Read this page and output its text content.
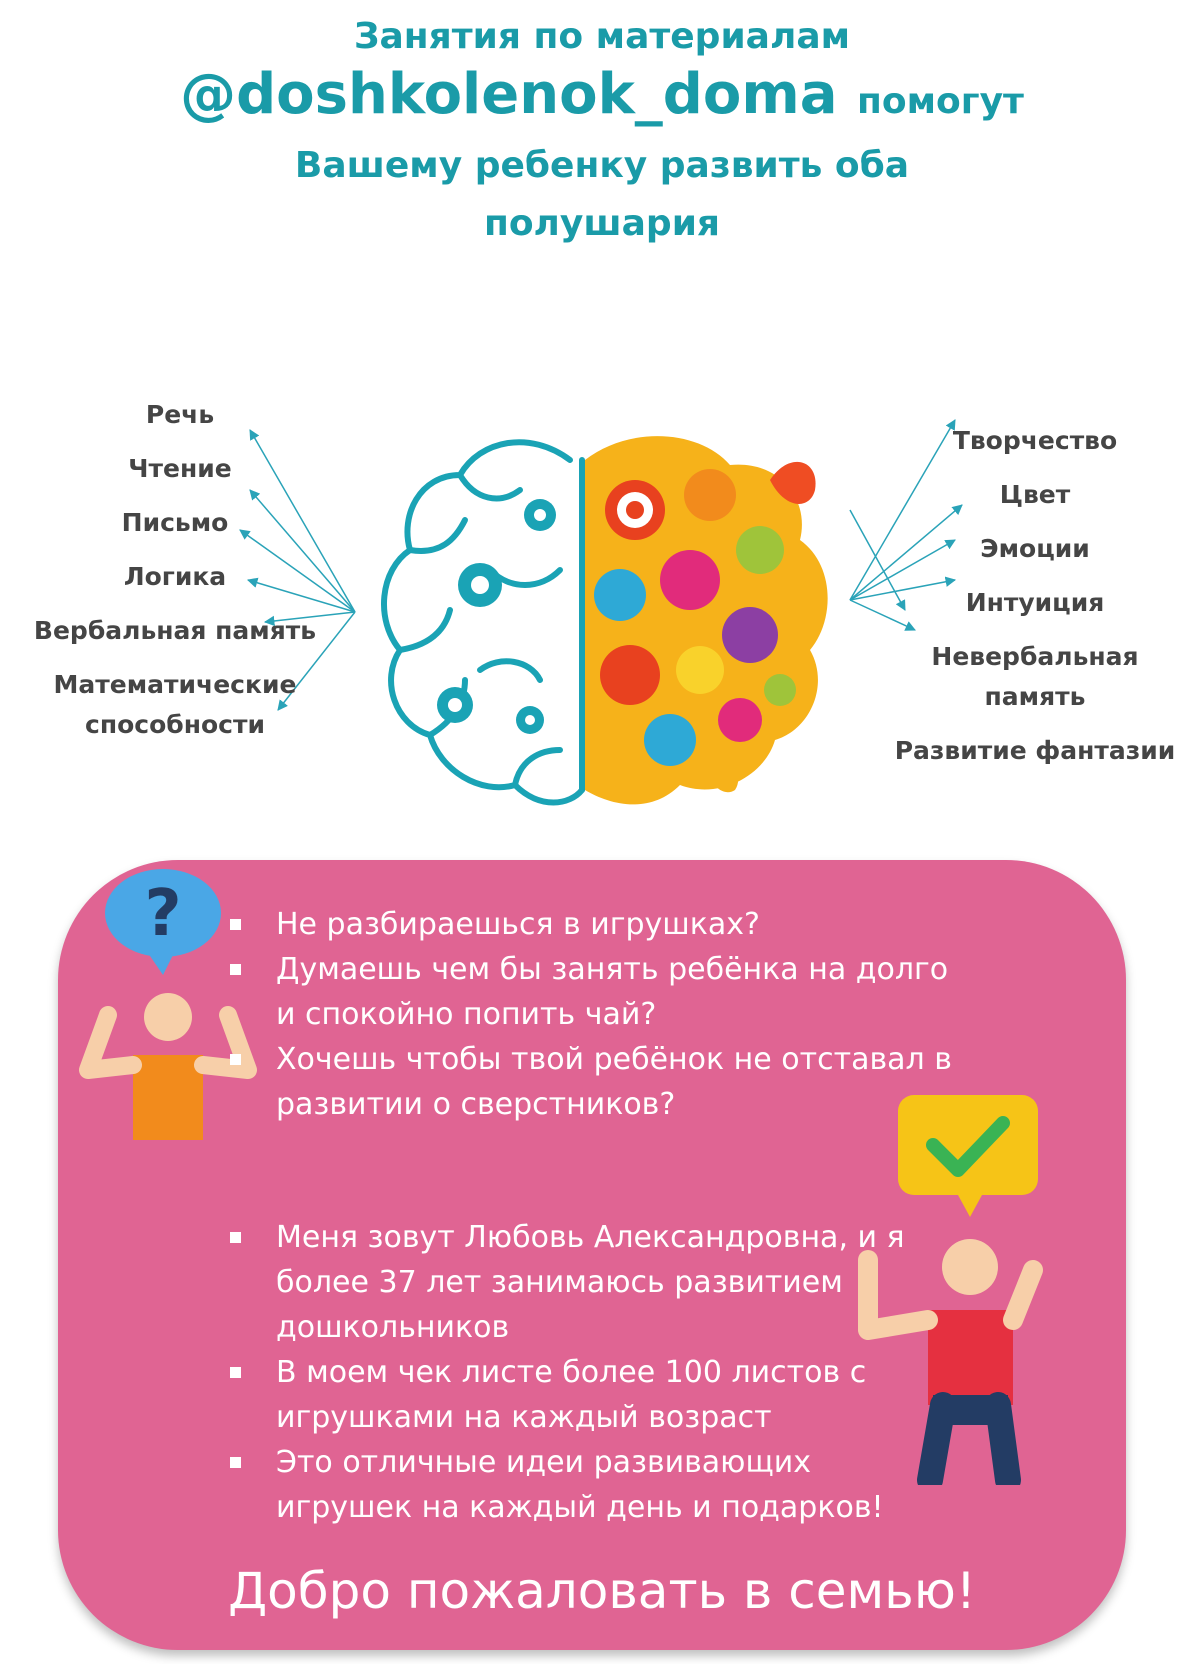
Занятия по материалам
@doshkolenok_doma помогут
Вашему ребенку развить оба
полушария
Речь
Чтение
Письмо
Логика
Вербальная память
Математические
способности
Творчество
Цвет
Эмоции
Интуиция
Невербальная
память
Развитие фантазии
?	Не разбираешься в игрушках?
Думаешь чем бы занять ребёнка на долго и спокойно попить чай?
Хочешь чтобы твой ребёнок не отставал в развитии о сверстников?
Меня зовут Любовь Александровна, и я более 37 лет занимаюсь развитием дошкольников
В моем чек листе более 100 листов с игрушками на каждый возраст
Это отличные идеи развивающих игрушек на каждый день и подарков!
Добро пожаловать в семью!
